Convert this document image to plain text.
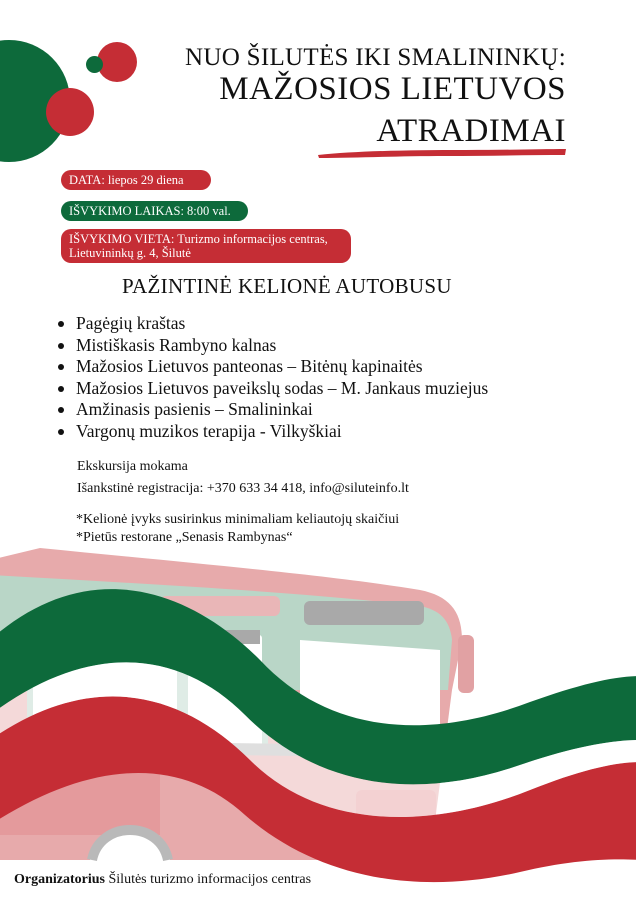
NUO ŠILUTĖS IKI SMALININKŲ:
MAŽOSIOS LIETUVOS
ATRADIMAI
DATA: liepos 29 diena
IŠVYKIMO LAIKAS: 8:00 val.
IŠVYKIMO VIETA: Turizmo informacijos centras,
Lietuvininkų g. 4, Šilutė
PAŽINTINĖ KELIONĖ AUTOBUSU
Pagėgių kraštas
Mistiškasis Rambyno kalnas
Mažosios Lietuvos panteonas – Bitėnų kapinaitės
Mažosios Lietuvos paveikslų sodas – M. Jankaus muziejus
Amžinasis pasienis – Smalininkai
Vargonų muzikos terapija - Vilkyškiai
Ekskursija mokama
Išankstinė registracija: +370 633 34 418, info@siluteinfo.lt
*Kelionė įvyks susirinkus minimaliam keliautojų skaičiui
*Pietūs restorane „Senasis Rambynas“
Organizatorius Šilutės turizmo informacijos centras
